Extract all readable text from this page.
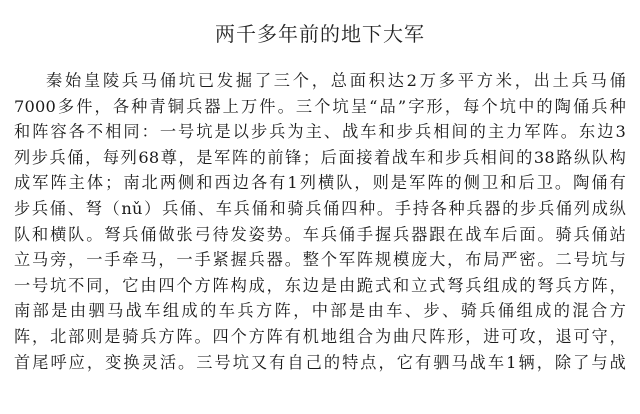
两千多年前的地下大军
秦始皇陵兵马俑坑已发掘了三个，总面积达2万多平方米，出土兵马俑
7000多件，各种青铜兵器上万件。三个坑呈“品”字形，每个坑中的陶俑兵种
和阵容各不相同：一号坑是以步兵为主、战车和步兵相间的主力军阵。东边3
列步兵俑，每列68尊，是军阵的前锋；后面接着战车和步兵相间的38路纵队构
成军阵主体；南北两侧和西边各有1列横队，则是军阵的侧卫和后卫。陶俑有
步兵俑、弩（nǔ）兵俑、车兵俑和骑兵俑四种。手持各种兵器的步兵俑列成纵
队和横队。弩兵俑做张弓待发姿势。车兵俑手握兵器跟在战车后面。骑兵俑站
立马旁，一手牵马，一手紧握兵器。整个军阵规模庞大，布局严密。二号坑与
一号坑不同，它由四个方阵构成，东边是由跪式和立式弩兵组成的弩兵方阵，
南部是由驷马战车组成的车兵方阵，中部是由车、步、骑兵俑组成的混合方
阵，北部则是骑兵方阵。四个方阵有机地组合为曲尺阵形，进可攻，退可守，
首尾呼应，变换灵活。三号坑又有自己的特点，它有驷马战车1辆，除了与战
